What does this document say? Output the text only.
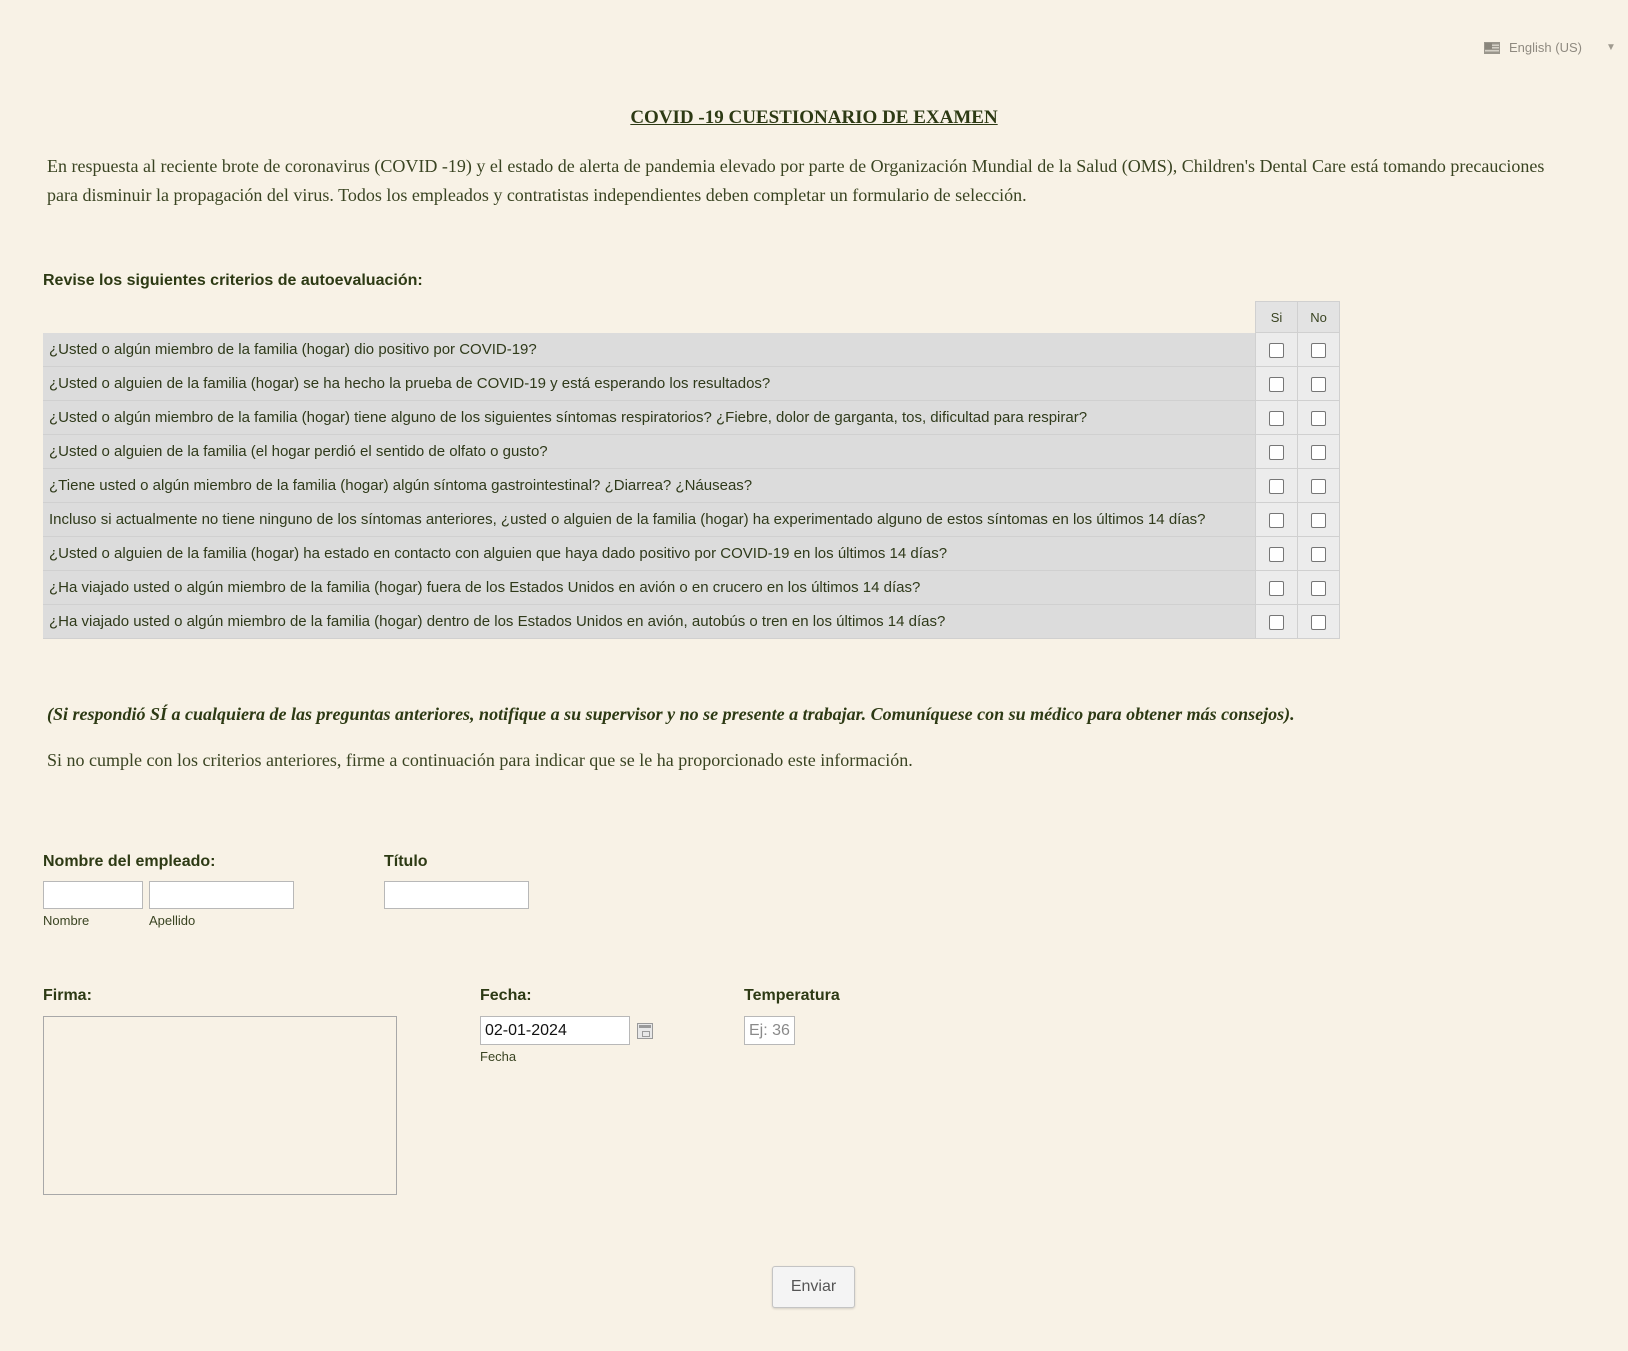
English (US) ▼
COVID -19 CUESTIONARIO DE EXAMEN
En respuesta al reciente brote de coronavirus (COVID -19) y el estado de alerta de pandemia elevado por parte de Organización Mundial de la Salud (OMS), Children's Dental Care está tomando precauciones para disminuir la propagación del virus. Todos los empleados y contratistas independientes deben completar un formulario de selección.
Revise los siguientes criterios de autoevaluación:
	Si	No
¿Usted o algún miembro de la familia (hogar) dio positivo por COVID-19?		
¿Usted o alguien de la familia (hogar) se ha hecho la prueba de COVID-19 y está esperando los resultados?		
¿Usted o algún miembro de la familia (hogar) tiene alguno de los siguientes síntomas respiratorios? ¿Fiebre, dolor de garganta, tos, dificultad para respirar?		
¿Usted o alguien de la familia (el hogar perdió el sentido de olfato o gusto?		
¿Tiene usted o algún miembro de la familia (hogar) algún síntoma gastrointestinal? ¿Diarrea? ¿Náuseas?		
Incluso si actualmente no tiene ninguno de los síntomas anteriores, ¿usted o alguien de la familia (hogar) ha experimentado alguno de estos síntomas en los últimos 14 días?		
¿Usted o alguien de la familia (hogar) ha estado en contacto con alguien que haya dado positivo por COVID-19 en los últimos 14 días?		
¿Ha viajado usted o algún miembro de la familia (hogar) fuera de los Estados Unidos en avión o en crucero en los últimos 14 días?		
¿Ha viajado usted o algún miembro de la familia (hogar) dentro de los Estados Unidos en avión, autobús o tren en los últimos 14 días?		
(Si respondió SÍ a cualquiera de las preguntas anteriores, notifique a su supervisor y no se presente a trabajar. Comuníquese con su médico para obtener más consejos).
Si no cumple con los criterios anteriores, firme a continuación para indicar que se le ha proporcionado este información.
Nombre del empleado:
Nombre	Apellido
Título
Firma:	Fecha:
02-01-2024
Fecha
Temperatura
Ej: 36
Enviar
